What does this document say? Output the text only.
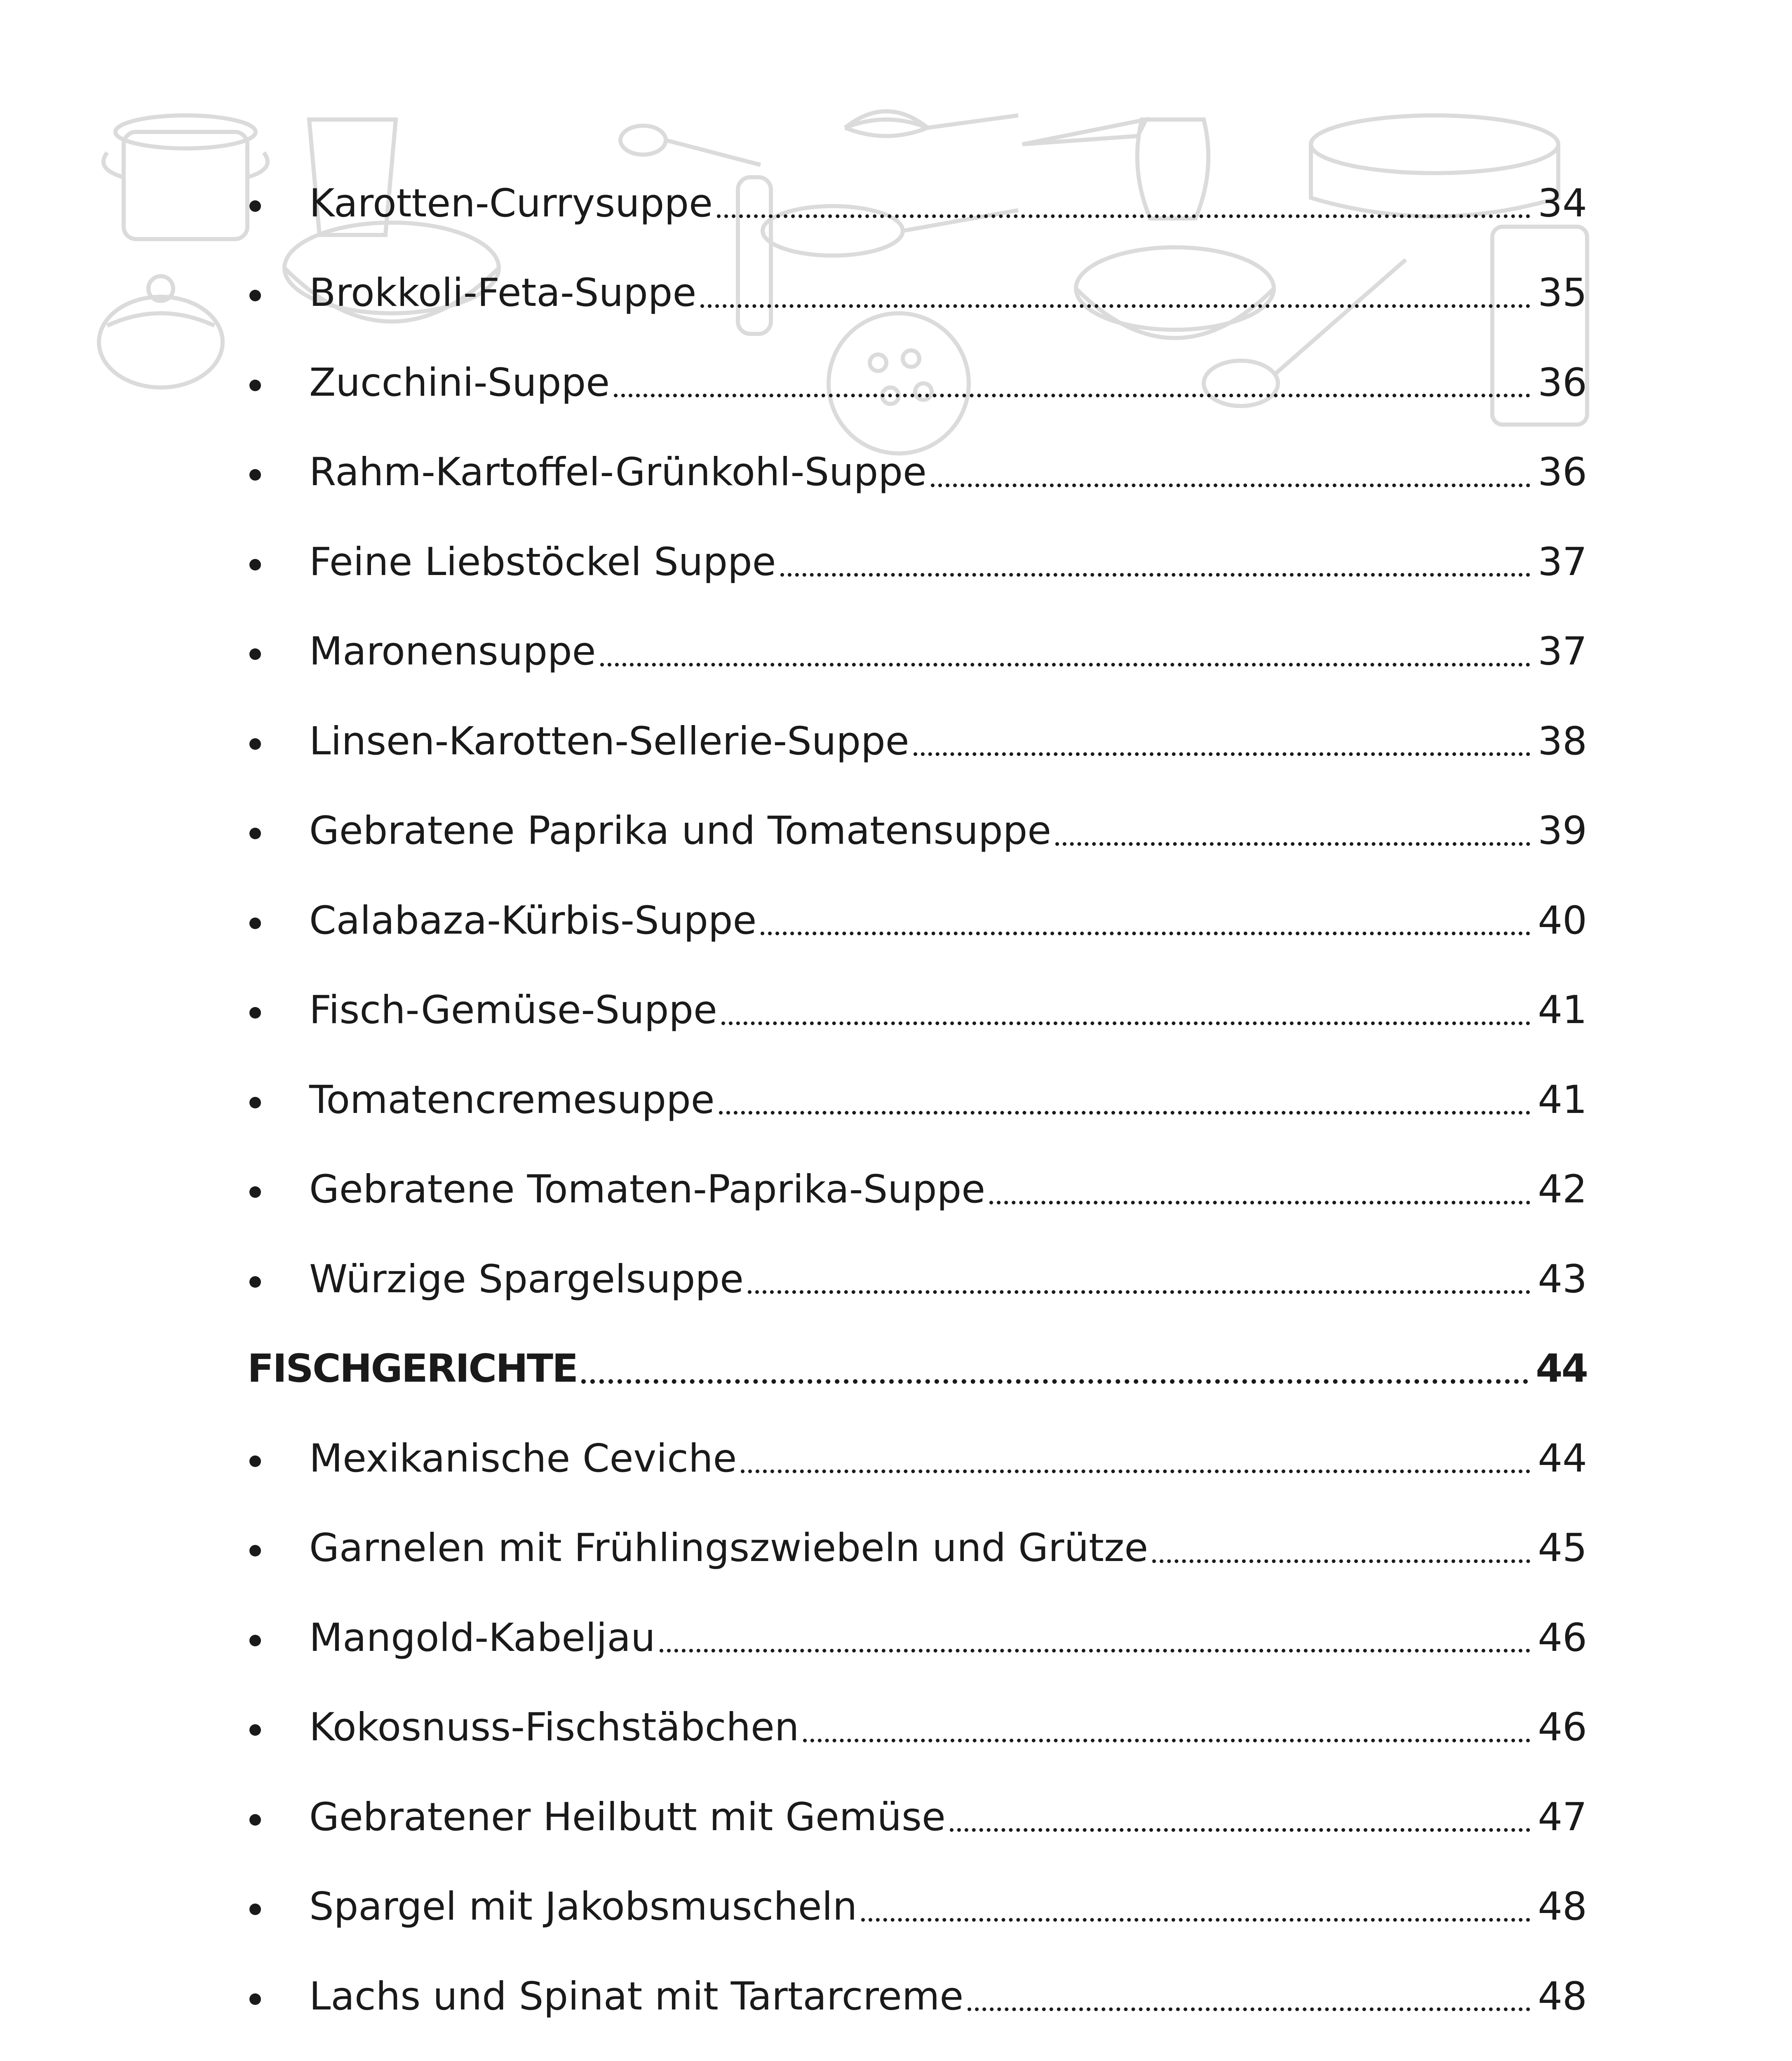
Karotten-Currysuppe	34
Brokkoli-Feta-Suppe	35
Zucchini-Suppe	36
Rahm-Kartoffel-Grünkohl-Suppe	36
Feine Liebstöckel Suppe	37
Maronensuppe	37
Linsen-Karotten-Sellerie-Suppe	38
Gebratene Paprika und Tomatensuppe	39
Calabaza-Kürbis-Suppe	40
Fisch-Gemüse-Suppe	41
Tomatencremesuppe	41
Gebratene Tomaten-Paprika-Suppe	42
Würzige Spargelsuppe	43
FISCHGERICHTE	44
Mexikanische Ceviche	44
Garnelen mit Frühlingszwiebeln und Grütze	45
Mangold-Kabeljau	46
Kokosnuss-Fischstäbchen	46
Gebratener Heilbutt mit Gemüse	47
Spargel mit Jakobsmuscheln	48
Lachs und Spinat mit Tartarcreme	48
